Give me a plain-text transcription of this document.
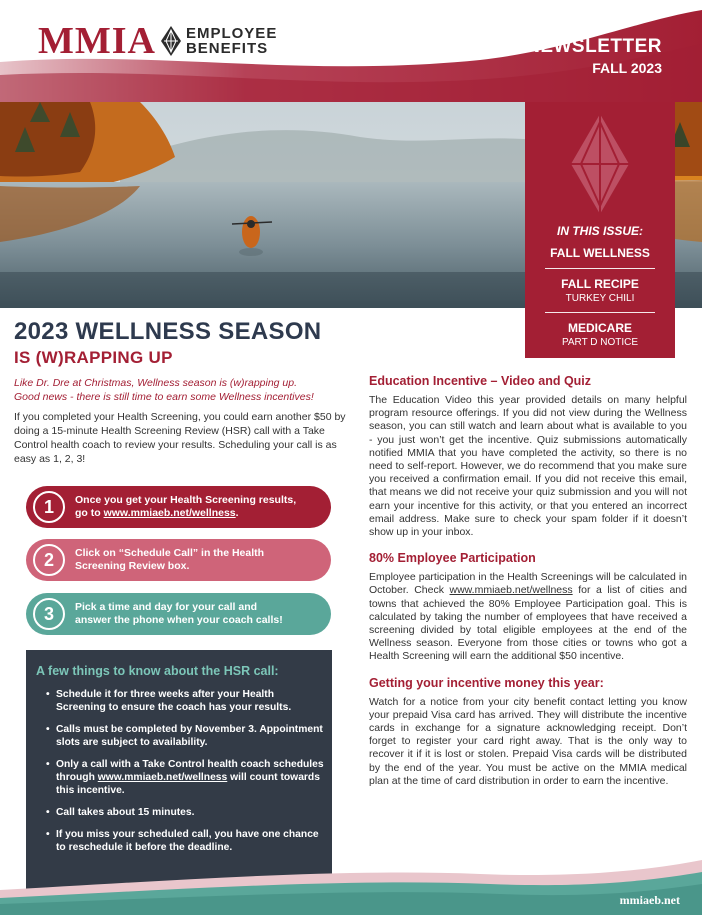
MMIA EMPLOYEE
BENEFITS	NEWSLETTER
FALL 2023
IN THIS ISSUE:
FALL WELLNESS
FALL RECIPE
TURKEY CHILI
MEDICARE
PART D NOTICE
2023 WELLNESS SEASON
IS (W)RAPPING UP
Like Dr. Dre at Christmas, Wellness season is (w)rapping up.
Good news - there is still time to earn some Wellness incentives!
If you completed your Health Screening, you could earn another $50 by doing a 15-minute Health Screening Review (HSR) call with a Take Control health coach to review your results. Scheduling your call is as easy as 1, 2, 3!
1	Once you get your Health Screening results,
go to www.mmiaeb.net/wellness.
2	Click on “Schedule Call” in the Health
Screening Review box.
3	Pick a time and day for your call and
answer the phone when your coach calls!
A few things to know about the HSR call:
• Schedule it for three weeks after your Health Screening to ensure the coach has your results.
• Calls must be completed by November 3. Appointment slots are subject to availability.
• Only a call with a Take Control health coach schedules through www.mmiaeb.net/wellness will count towards this incentive.
• Call takes about 15 minutes.
• If you miss your scheduled call, you have one chance to reschedule it before the deadline.
Education Incentive – Video and Quiz
The Education Video this year provided details on many helpful program resource offerings. If you did not view during the Wellness season, you can still watch and learn about what is available to you - you just won’t get the incentive. Quiz submissions automatically notified MMIA that you have completed the activity, so there is no need to self-report. However, we do recommend that you make sure you received a confirmation email. If you did not receive this email, that means we did not receive your quiz submission and you will not earn your incentive for this activity, or that you entered an incorrect email address. Make sure to check your spam folder if it doesn’t show up in your inbox.
80% Employee Participation
Employee participation in the Health Screenings will be calculated in October. Check www.mmiaeb.net/wellness for a list of cities and towns that achieved the 80% Employee Participation goal. This is calculated by taking the number of employees that have received a screening divided by total eligible employees at the end of the Wellness season. Everyone from those cities or towns who got a Health Screening will earn the additional $50 incentive.
Getting your incentive money this year:
Watch for a notice from your city benefit contact letting you know your prepaid Visa card has arrived. They will distribute the incentive cards in exchange for a signature acknowledging receipt. Don’t forget to register your card right away. That is the only way to recover it if it is lost or stolen. Prepaid Visa cards will be distributed by the end of the year. You must be active on the MMIA medical plan at the time of card distribution in order to earn the incentive.
mmiaeb.net
